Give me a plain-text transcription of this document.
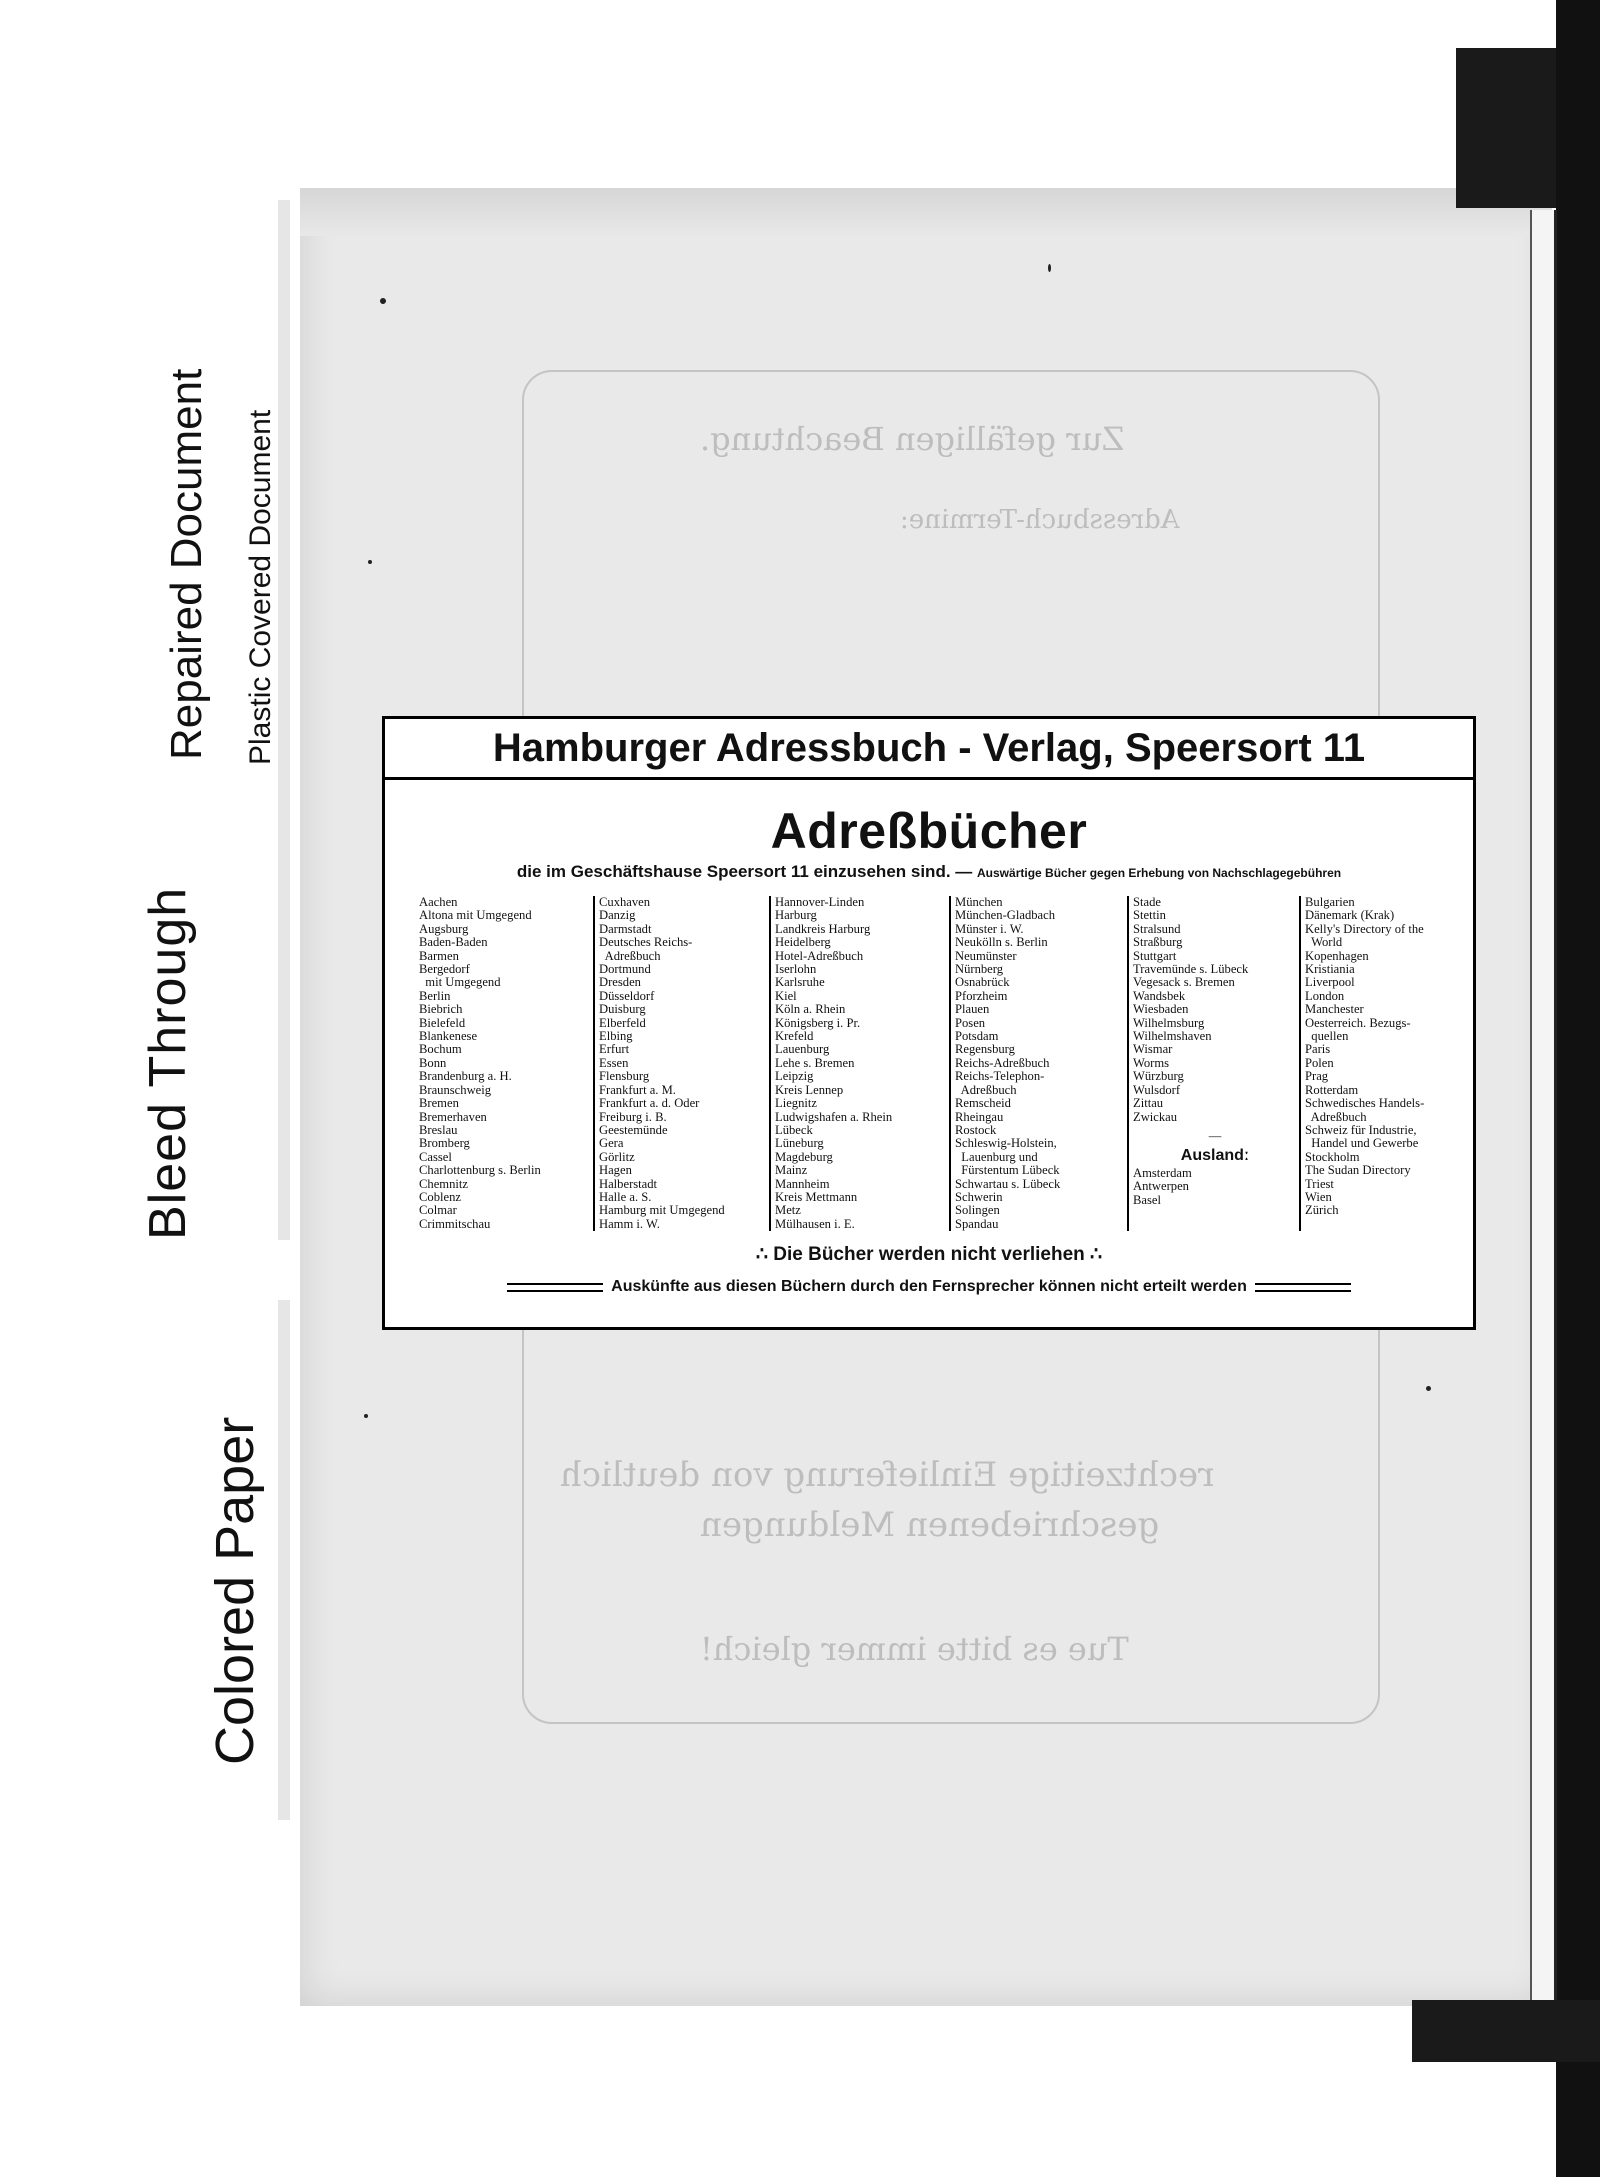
Zur gefälligen Beachtung.
Adressbuch-Termine:
rechtzeitige Einlieferung von deutlich
geschriebenen Meldungen
Tue es bitte immer gleich!
Bleed Through
Repaired Document Plastic Covered Document
Colored Paper
Hamburger Adressbuch - Verlag, Speersort 11
Adreßbücher
die im Geschäftshause Speersort 11 einzusehen sind. — Auswärtige Bücher gegen Erhebung von Nachschlagegebühren
Aachen
Altona mit Umgegend
Augsburg
Baden-Baden
Barmen
Bergedorf
mit Umgegend
Berlin
Biebrich
Bielefeld
Blankenese
Bochum
Bonn
Brandenburg a. H.
Braunschweig
Bremen
Bremerhaven
Breslau
Bromberg
Cassel
Charlottenburg s. Berlin
Chemnitz
Coblenz
Colmar
Crimmitschau
Cuxhaven
Danzig
Darmstadt
Deutsches Reichs-
Adreßbuch
Dortmund
Dresden
Düsseldorf
Duisburg
Elberfeld
Elbing
Erfurt
Essen
Flensburg
Frankfurt a. M.
Frankfurt a. d. Oder
Freiburg i. B.
Geestemünde
Gera
Görlitz
Hagen
Halberstadt
Halle a. S.
Hamburg mit Umgegend
Hamm i. W.
Hannover-Linden
Harburg
Landkreis Harburg
Heidelberg
Hotel-Adreßbuch
Iserlohn
Karlsruhe
Kiel
Köln a. Rhein
Königsberg i. Pr.
Krefeld
Lauenburg
Lehe s. Bremen
Leipzig
Kreis Lennep
Liegnitz
Ludwigshafen a. Rhein
Lübeck
Lüneburg
Magdeburg
Mainz
Mannheim
Kreis Mettmann
Metz
Mülhausen i. E.
München
München-Gladbach
Münster i. W.
Neukölln s. Berlin
Neumünster
Nürnberg
Osnabrück
Pforzheim
Plauen
Posen
Potsdam
Regensburg
Reichs-Adreßbuch
Reichs-Telephon-
Adreßbuch
Remscheid
Rheingau
Rostock
Schleswig-Holstein,
Lauenburg und
Fürstentum Lübeck
Schwartau s. Lübeck
Schwerin
Solingen
Spandau
Stade
Stettin
Stralsund
Straßburg
Stuttgart
Travemünde s. Lübeck
Vegesack s. Bremen
Wandsbek
Wiesbaden
Wilhelmsburg
Wilhelmshaven
Wismar
Worms
Würzburg
Wulsdorf
Zittau
Zwickau
—
Auslandː
Amsterdam
Antwerpen
Basel
Bulgarien
Dänemark (Krak)
Kelly's Directory of the
World
Kopenhagen
Kristiania
Liverpool
London
Manchester
Oesterreich. Bezugs-
quellen
Paris
Polen
Prag
Rotterdam
Schwedisches Handels-
Adreßbuch
Schweiz für Industrie,
Handel und Gewerbe
Stockholm
The Sudan Directory
Triest
Wien
Zürich
∴ Die Bücher werden nicht verliehen ∴
Auskünfte aus diesen Büchern durch den Fernsprecher können nicht erteilt werden
